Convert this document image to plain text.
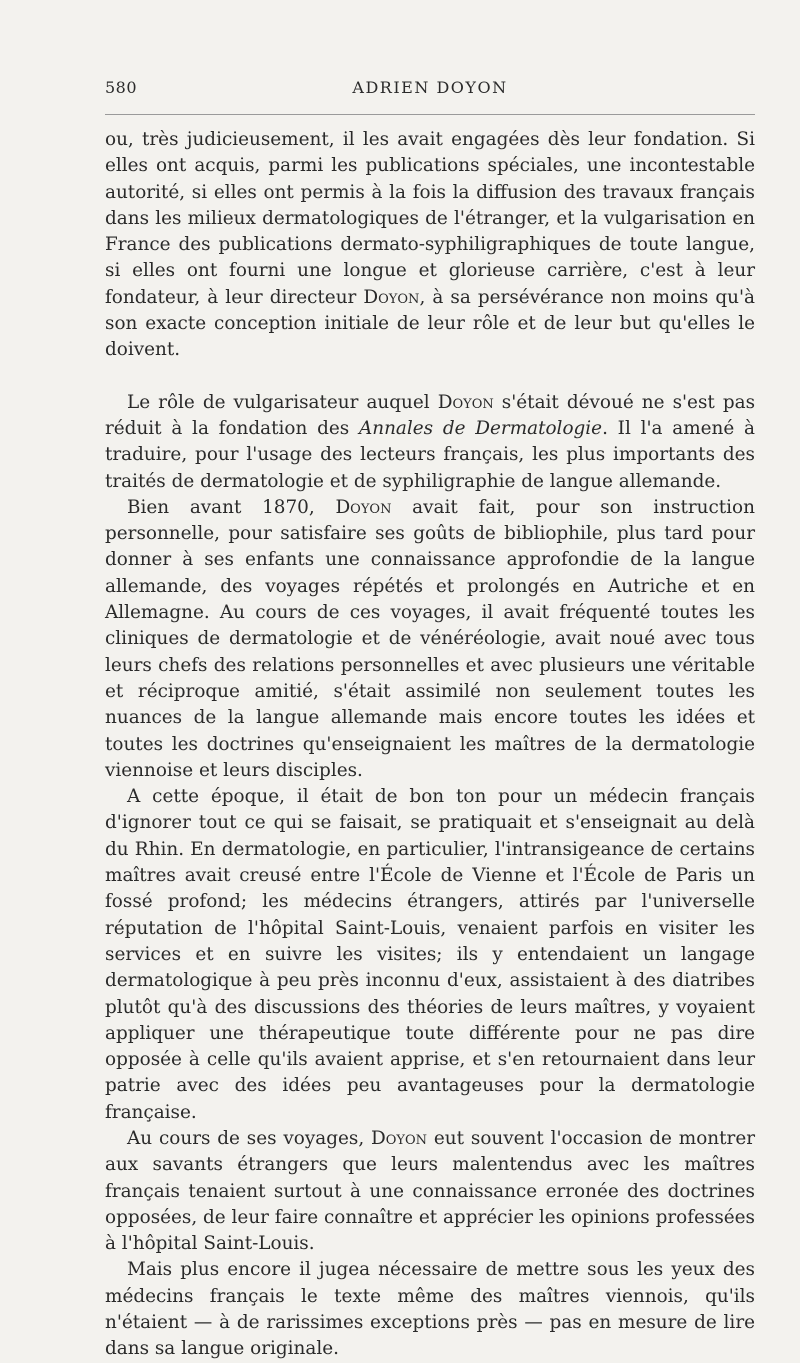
580	ADRIEN DOYON

ou, très judicieusement, il les avait engagées dès leur fondation. Si elles ont acquis, parmi les publications spéciales, une incontestable autorité, si elles ont permis à la fois la diffusion des travaux français dans les milieux dermatologiques de l'étranger, et la vulgarisation en France des publications dermato-syphiligraphiques de toute langue, si elles ont fourni une longue et glorieuse carrière, c'est à leur fondateur, à leur directeur Doyon, à sa persévérance non moins qu'à son exacte conception initiale de leur rôle et de leur but qu'elles le doivent.

Le rôle de vulgarisateur auquel Doyon s'était dévoué ne s'est pas réduit à la fondation des Annales de Dermatologie. Il l'a amené à traduire, pour l'usage des lecteurs français, les plus importants des traités de dermatologie et de syphiligraphie de langue allemande.

Bien avant 1870, Doyon avait fait, pour son instruction personnelle, pour satisfaire ses goûts de bibliophile, plus tard pour donner à ses enfants une connaissance approfondie de la langue allemande, des voyages répétés et prolongés en Autriche et en Allemagne. Au cours de ces voyages, il avait fréquenté toutes les cliniques de dermatologie et de vénéréologie, avait noué avec tous leurs chefs des relations personnelles et avec plusieurs une véritable et réciproque amitié, s'était assimilé non seulement toutes les nuances de la langue allemande mais encore toutes les idées et toutes les doctrines qu'enseignaient les maîtres de la dermatologie viennoise et leurs disciples.

A cette époque, il était de bon ton pour un médecin français d'ignorer tout ce qui se faisait, se pratiquait et s'enseignait au delà du Rhin. En dermatologie, en particulier, l'intransigeance de certains maîtres avait creusé entre l'École de Vienne et l'École de Paris un fossé profond; les médecins étrangers, attirés par l'universelle réputation de l'hôpital Saint-Louis, venaient parfois en visiter les services et en suivre les visites; ils y entendaient un langage dermatologique à peu près inconnu d'eux, assistaient à des diatribes plutôt qu'à des discussions des théories de leurs maîtres, y voyaient appliquer une thérapeutique toute différente pour ne pas dire opposée à celle qu'ils avaient apprise, et s'en retournaient dans leur patrie avec des idées peu avantageuses pour la dermatologie française.

Au cours de ses voyages, Doyon eut souvent l'occasion de montrer aux savants étrangers que leurs malentendus avec les maîtres français tenaient surtout à une connaissance erronée des doctrines opposées, de leur faire connaître et apprécier les opinions professées à l'hôpital Saint-Louis.

Mais plus encore il jugea nécessaire de mettre sous les yeux des médecins français le texte même des maîtres viennois, qu'ils n'étaient — à de rarissimes exceptions près — pas en mesure de lire dans sa langue originale.
